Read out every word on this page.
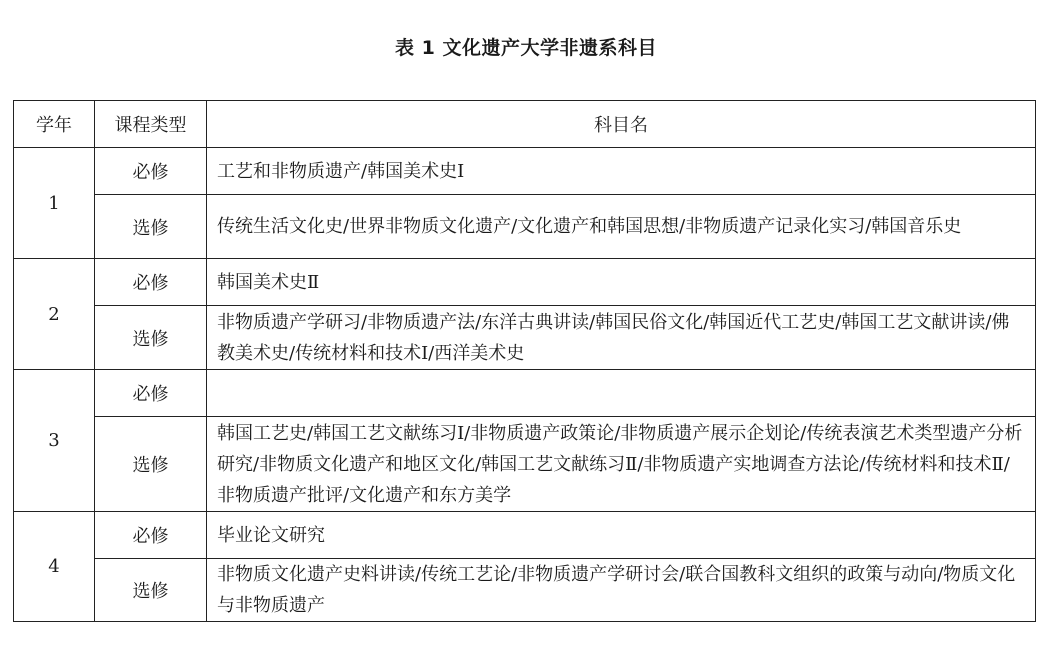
表 1 文化遗产大学非遗系科目
学年	课程类型	科目名
1	必修	工艺和非物质遗产/韩国美术史Ⅰ
	选修	传统生活文化史/世界非物质文化遗产/文化遗产和韩国思想/非物质遗产记录化实习/韩国音乐史
2	必修	韩国美术史Ⅱ
	选修	非物质遗产学研习/非物质遗产法/东洋古典讲读/韩国民俗文化/韩国近代工艺史/韩国工艺文献讲读/佛教美术史/传统材料和技术Ⅰ/西洋美术史
3	必修	
	选修	韩国工艺史/韩国工艺文献练习Ⅰ/非物质遗产政策论/非物质遗产展示企划论/传统表演艺术类型遗产分析研究/非物质文化遗产和地区文化/韩国工艺文献练习Ⅱ/非物质遗产实地调查方法论/传统材料和技术Ⅱ/非物质遗产批评/文化遗产和东方美学
4	必修	毕业论文研究
	选修	非物质文化遗产史料讲读/传统工艺论/非物质遗产学研讨会/联合国教科文组织的政策与动向/物质文化与非物质遗产
